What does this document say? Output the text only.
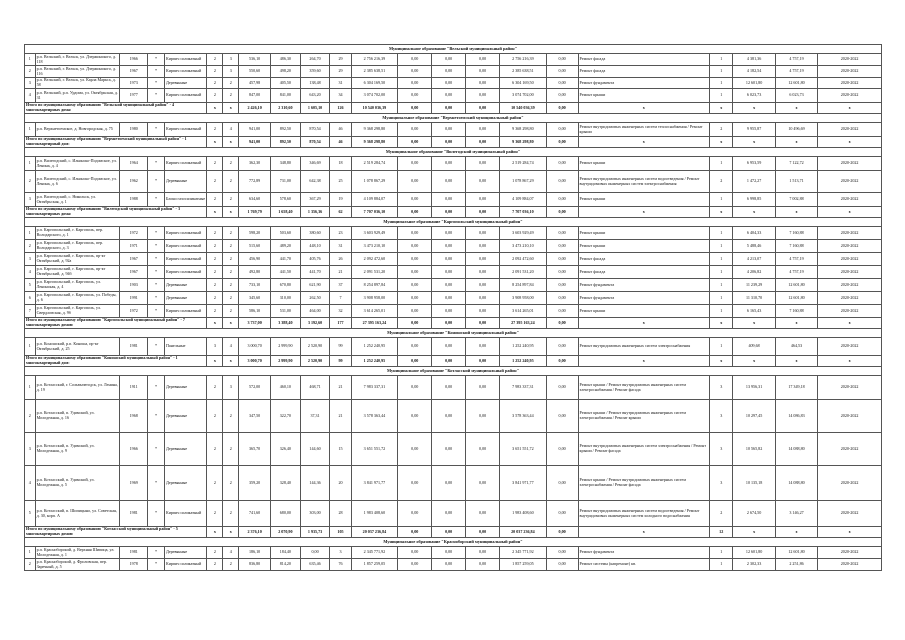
Муниципальное образование "Вельский муниципальный район"																					
1	р.п. Вельский, г. Вельск, ул. Дзержинского, д. 118	1966	*	Кирпич силикатный	2	3	536,10	486,30	264,70	29	2 756 216,39	0,00	0,00	0,00	2 756 216,39	0,00	Ремонт фасада	1	4 381,36	4 757,19	2020-2022
2	р.п. Вельский, г. Вельск, ул. Дзержинского, д. 116	1967	*	Кирпич силикатный	2	3	550,60	498,20	359,60	29	2 385 638,51	0,00	0,00	0,00	2 385 638,51	0,00	Ремонт фасада	1	4 182,54	4 757,19	2020-2022
3	р.п. Вельский, г. Вельск, ул. Карла Маркса, д. 58	1973	*	Деревянные	2	2	457,98	405,50	138,48	31	6 304 169,50	0,00	0,00	0,00	6 304 169,50	0,00	Ремонт фундамента	1	12 601,80	12 601,80	2020-2022
4	р.п. Вельский, р.п. Урдома, ул. Октябрьская, д. 31	1977	*	Кирпич силикатный	2	2	847,00	841,00	643,20	34	3 074 702,00	0,00	0,00	0,00	3 074 702,00	0,00	Ремонт крыши	1	6 023,73	6 023,73	2020-2022
Итого по муниципальному образованию "Вельский муниципальный район" - 4 многоквартирных дома:					x	x	2 426,10	2 310,60	1 605,10	126	10 540 036,39	0,00	0,00	0,00	10 540 036,39	0,00	x	x	x	x	x
Муниципальное образование "Верхнетоемский муниципальный район"																					
1	р.п. Верхнетоемское, д. Новгородская, д. 75	1980	*	Кирпич силикатный	2	4	941,00	892,50	870,54	46	9 368 298,80	0,00	0,00	0,00	9 368 298,80	0,00	Ремонт внутридомовых инженерных систем теплоснабжения / Ремонт крыши	2	9 955,87	10 496,69	2020-2022
Итого по муниципальному образованию "Верхнетоемский муниципальный район" - 1 многоквартирный дом:					x	x	941,00	892,50	870,54	46	9 368 298,80	0,00	0,00	0,00	9 368 298,80	0,00	x	x	x	x	x
Муниципальное образование "Вилегодский муниципальный район"																					
1	р.п. Вилегодский, с. Ильинско-Подомское, ул. Ленина, д. 4	1964	*	Кирпич силикатный	2	2	362,30	348,80	346,69	18	2 519 284,74	0,00	0,00	0,00	2 519 284,74	0,00	Ремонт крыши	1	6 953,59	7 122,72	2020-2022
2	р.п. Вилегодский, с. Ильинско-Подомское, ул. Ленина, д. 6	1962	*	Деревянные	2	2	772,89	731,00	642,38	25	1 078 867,29	0,00	0,00	0,00	1 078 867,29	0,00	Ремонт внутридомовых инженерных систем водоотведения / Ремонт внутридомовых инженерных систем электроснабжения	2	1 472,27	1 513,71	2020-2022
3	р.п. Вилегодский, с. Никольск, ул. Октябрьская, д. 1	1988	*	Блоки газосиликатные	2	2	634,60	578,60	367,29	19	4 109 884,07	0,00	0,00	0,00	4 109 884,07	0,00	Ремонт крыши	1	6 998,85	7 002,88	2020-2022
Итого по муниципальному образованию "Вилегодский муниципальный район" - 3 многоквартирных дома:					x	x	1 769,79	1 658,40	1 356,36	62	7 707 036,10	0,00	0,00	0,00	7 707 036,10	0,00	x	x	x	x	x
Муниципальное образование "Каргопольский муниципальный район"																					
1	р.п. Каргопольский, г. Каргополь, пер. Володарского, д. 1	1972	*	Кирпич силикатный	2	2	598,20	503,60	380,60	23	3 603 929,49	0,00	0,00	0,00	3 603 929,49	0,00	Ремонт крыши	1	6 404,33	7 160,88	2020-2022
2	р.п. Каргопольский, г. Каргополь, пер. Володарского, д. 3	1971	*	Кирпич силикатный	2	2	515,60	489,20	448,10	31	3 473 210,10	0,00	0,00	0,00	3 473 210,10	0,00	Ремонт крыши	1	5 488,46	7 160,88	2020-2022
3	р.п. Каргопольский, г. Каргополь, пр-кт Октябрьский, д. 92а	1967	*	Кирпич силикатный	2	2	456,90	441,70	405,76	26	2 092 472,60	0,00	0,00	0,00	2 092 472,60	0,00	Ремонт фасада	1	4 213,07	4 757,19	2020-2022
4	р.п. Каргопольский, г. Каргополь, пр-кт Октябрьский, д. 94б	1967	*	Кирпич силикатный	2	2	492,80	441,50	441,70	21	2 091 531,20	0,00	0,00	0,00	2 091 531,20	0,00	Ремонт фасада	1	4 206,82	4 757,19	2020-2022
5	р.п. Каргопольский, г. Каргополь, ул. Ленинская, д. 4	1903	*	Деревянные	2	2	733,10	670,80	621,90	37	8 254 897,84	0,00	0,00	0,00	8 254 897,84	0,00	Ремонт фундамента	1	11 239,29	12 601,80	2020-2022
6	р.п. Каргопольский, г. Каргополь, ул. Победы, д. 6	1991	*	Деревянные	2	2	345,60	310,00	262,50	7	3 908 958,00	0,00	0,00	0,00	3 908 958,00	0,00	Ремонт фундамента	1	11 310,70	12 601,80	2020-2022
7	р.п. Каргопольский, г. Каргополь, ул. Свердловская, д. 9б	1972	*	Кирпич силикатный	2	2	586,10	531,00	464,00	32	3 614 265,01	0,00	0,00	0,00	3 614 265,01	0,00	Ремонт крыши	1	6 165,43	7 160,88	2020-2022
Итого по муниципальному образованию "Каргопольский муниципальный район" - 7 многоквартирных домов:					x	x	3 737,00	3 388,40	3 192,60	177	27 395 163,24	0,00	0,00	0,00	27 395 163,24	0,00	x	x	x	x	x
Муниципальное образование "Коношский муниципальный район"																					
1	р.п. Коношский, р.п. Коноша, пр-кт Октябрьский, д. 25	1981	*	Панельные	3	4	3 000,70	2 999,90	2 520,90	99	1 252 240,95	0,00	0,00	0,00	1 252 240,95	0,00	Ремонт внутридомовых инженерных систем электроснабжения	1	409,68	464,53	2020-2022
Итого по муниципальному образованию "Коношский муниципальный район" - 1 многоквартирный дом:					x	x	3 000,70	2 999,90	2 520,90	99	1 252 240,95	0,00	0,00	0,00	1 252 240,95	0,00	x	x	x	x	x
Муниципальное образование "Котласский муниципальный район"																					
1	р.п. Котласский, г. Сольвычегодск, ул. Ленина, д. 19	1911	*	Деревянные	2	3	572,00	460,10	468,71	21	7 983 337,31	0,00	0,00	0,00	7 983 337,31	0,00	Ремонт крыши / Ремонт внутридомовых инженерных систем электроснабжения / Ремонт фасада	3	13 956,31	17 349,18	2020-2022
2	р.п. Котласский, п. Удимский, ул. Молодежная, д. 16	1968	*	Деревянные	2	2	347,50	322,70	37,31	21	3 578 363,44	0,00	0,00	0,00	3 578 363,44	0,00	Ремонт крыши / Ремонт внутридомовых инженерных систем электроснабжения / Ремонт крыши	3	10 297,45	14 086,83	2020-2022
3	р.п. Котласский, п. Удимский, ул. Молодежная, д. 9	1966	*	Деревянные	2	2	365,70	326,40	144,60	15	3 651 551,72	0,00	0,00	0,00	3 651 551,72	0,00	Ремонт внутридомовых инженерных систем электроснабжения / Ремонт крыши / Ремонт фасада	3	10 565,82	14 088,80	2020-2022
4	р.п. Котласский, п. Удимский, ул. Молодежная, д. 5	1969	*	Деревянные	2	2	359,20	328,40	144,36	20	3 841 971,77	0,00	0,00	0,00	3 841 971,77	0,00	Ремонт крыши / Ремонт внутридомовых инженерных систем электроснабжения / Ремонт фасада	3	10 135,18	14 088,80	2020-2022
5	р.п. Котласский, п. Шипицыно, ул. Советская, д. 30, корп. А	1981	*	Кирпич силикатный	2	2	741,60	680,00	303,00	28	1 983 408,60	0,00	0,00	0,00	1 983 408,60	0,00	Ремонт внутридомовых инженерных систем водоотведения / Ремонт внутридомовых инженерных систем холодного водоснабжения	2	2 674,50	3 146,27	2020-2022
Итого по муниципальному образованию "Котласский муниципальный район" - 5 многоквартирных домов:					x	x	2 376,10	2 070,90	1 935,73	105	20 037 236,84	0,00	0,00	0,00	20 037 236,84	0,00	x	12	x	x	x
Муниципальное образование "Красноборский муниципальный район"																					
1	р.п. Красноборский, д. Верхняя Шипица, ул. Молодежная, д. 1	1981	*	Деревянные	2	4	186,10	184,40	0,00	3	2 345 771,92	0,00	0,00	0,00	2 345 771,92	0,00	Ремонт фундамента	1	12 601,80	12 601,80	2020-2022
2	р.п. Красноборский, д. Фроловская, пер. Заречный, д. 5	1978	*	Кирпич силикатный	2	2	836,80	814,20	635,46	76	1 857 259,05	0,00	0,00	0,00	1 857 259,05	0,00	Ремонт системы (капремонт) кв.	1	2 302,33	2 251,86	2020-2022
